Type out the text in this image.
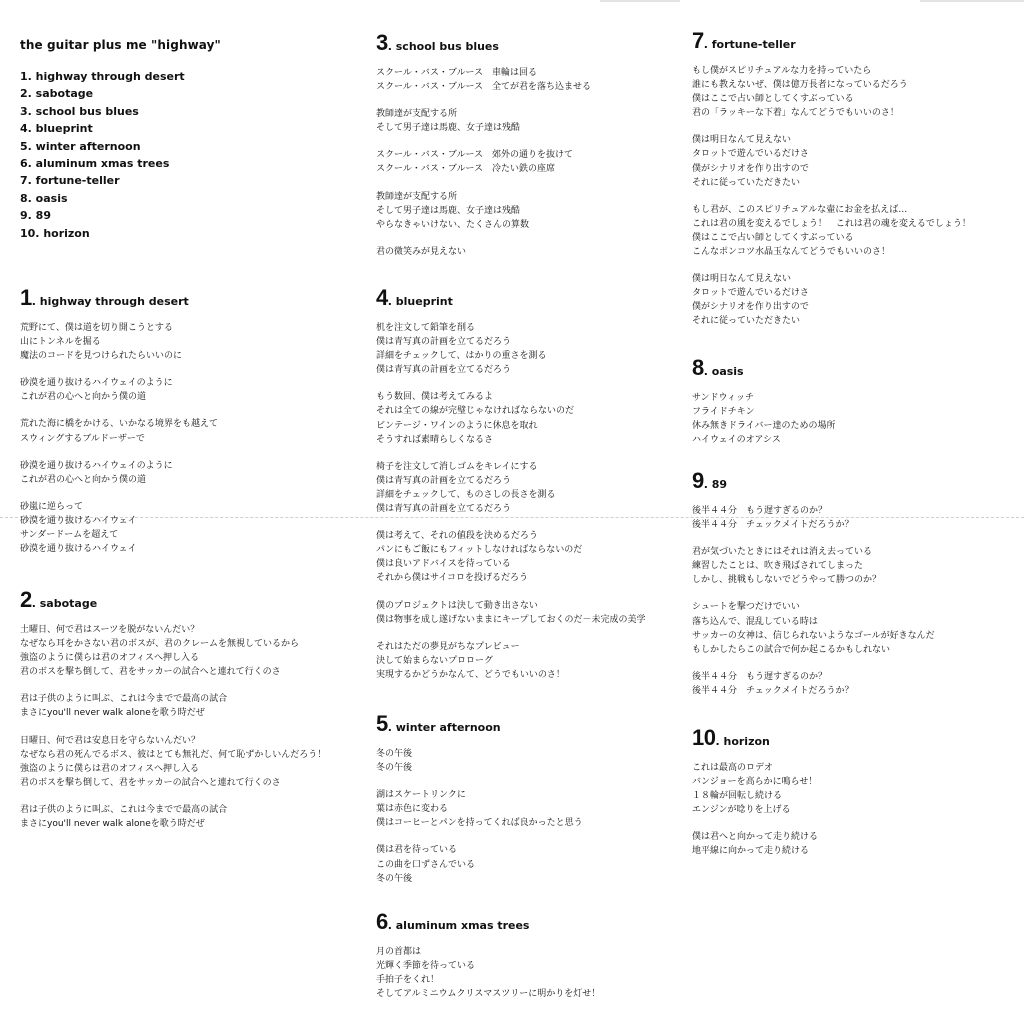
the guitar plus me "highway"
1. highway through desert
2. sabotage
3. school bus blues
4. blueprint
5. winter afternoon
6. aluminum xmas trees
7. fortune-teller
8. oasis
9. 89
10. horizon
1 . highway through desert
荒野にて、僕は道を切り開こうとする
山にトンネルを掘る
魔法のコードを見つけられたらいいのに
砂漠を通り抜けるハイウェイのように
これが君の心へと向かう僕の道
荒れた海に橋をかける、いかなる境界をも越えて
スウィングするブルドーザーで
砂漠を通り抜けるハイウェイのように
これが君の心へと向かう僕の道
砂嵐に逆らって
砂漠を通り抜けるハイウェイ
サンダードームを超えて
砂漠を通り抜けるハイウェイ
2 . sabotage
土曜日、何で君はスーツを脱がないんだい？
なぜなら耳をかさない君のボスが、君のクレームを無視しているから
強盗のように僕らは君のオフィスへ押し入る
君のボスを撃ち倒して、君をサッカーの試合へと連れて行くのさ
君は子供のように叫ぶ、これは今までで最高の試合
まさにyou'll never walk aloneを歌う時だぜ
日曜日、何で君は安息日を守らないんだい？
なぜなら君の死んでるボス、彼はとても無礼だ、何て恥ずかしいんだろう！
強盗のように僕らは君のオフィスへ押し入る
君のボスを撃ち倒して、君をサッカーの試合へと連れて行くのさ
君は子供のように叫ぶ、これは今までで最高の試合
まさにyou'll never walk aloneを歌う時だぜ
3 . school bus blues
スクール・バス・ブルース　車輪は回る
スクール・バス・ブルース　全てが君を落ち込ませる
教師達が支配する所
そして男子達は馬鹿、女子達は残酷
スクール・バス・ブルース　郊外の通りを抜けて
スクール・バス・ブルース　冷たい鉄の座席
教師達が支配する所
そして男子達は馬鹿、女子達は残酷
やらなきゃいけない、たくさんの算数
君の微笑みが見えない
4 . blueprint
机を注文して鉛筆を削る
僕は青写真の計画を立てるだろう
詳細をチェックして、はかりの重さを測る
僕は青写真の計画を立てるだろう
もう数回、僕は考えてみるよ
それは全ての線が完璧じゃなければならないのだ
ビンテージ・ワインのように休息を取れ
そうすれば素晴らしくなるさ
椅子を注文して消しゴムをキレイにする
僕は青写真の計画を立てるだろう
詳細をチェックして、ものさしの長さを測る
僕は青写真の計画を立てるだろう
僕は考えて、それの値段を決めるだろう
パンにもご飯にもフィットしなければならないのだ
僕は良いアドバイスを待っている
それから僕はサイコロを投げるだろう
僕のプロジェクトは決して動き出さない
僕は物事を成し遂げないままにキープしておくのだ－未完成の美学
それはただの夢見がちなプレビュー
決して始まらないプロローグ
実現するかどうかなんて、どうでもいいのさ！
5 . winter afternoon
冬の午後
冬の午後
湖はスケートリンクに
葉は赤色に変わる
僕はコーヒーとパンを持ってくれば良かったと思う
僕は君を待っている
この曲を口ずさんでいる
冬の午後
6 . aluminum xmas trees
月の首都は
光輝く季節を待っている
手拍子をくれ！
そしてアルミニウムクリスマスツリーに明かりを灯せ！
7 . fortune-teller
もし僕がスピリチュアルな力を持っていたら
誰にも教えないぜ、僕は億万長者になっているだろう
僕はここで占い師としてくすぶっている
君の「ラッキーな下着」なんてどうでもいいのさ！
僕は明日なんて見えない
タロットで遊んでいるだけさ
僕がシナリオを作り出すので
それに従っていただきたい
もし君が、このスピリチュアルな壷にお金を払えば…
これは君の風を変えるでしょう！　これは君の魂を変えるでしょう！
僕はここで占い師としてくすぶっている
こんなポンコツ水晶玉なんてどうでもいいのさ！
僕は明日なんて見えない
タロットで遊んでいるだけさ
僕がシナリオを作り出すので
それに従っていただきたい
8 . oasis
サンドウィッチ
フライドチキン
休み無きドライバー達のための場所
ハイウェイのオアシス
9 . 89
後半４４分　もう遅すぎるのか？
後半４４分　チェックメイトだろうか？
君が気づいたときにはそれは消え去っている
練習したことは、吹き飛ばされてしまった
しかし、挑戦もしないでどうやって勝つのか？
シュートを撃つだけでいい
落ち込んで、混乱している時は
サッカーの女神は、信じられないようなゴールが好きなんだ
もしかしたらこの試合で何か起こるかもしれない
後半４４分　もう遅すぎるのか？
後半４４分　チェックメイトだろうか？
10 . horizon
これは最高のロデオ
バンジョーを高らかに鳴らせ！
１８輪が回転し続ける
エンジンが唸りを上げる
僕は君へと向かって走り続ける
地平線に向かって走り続ける
